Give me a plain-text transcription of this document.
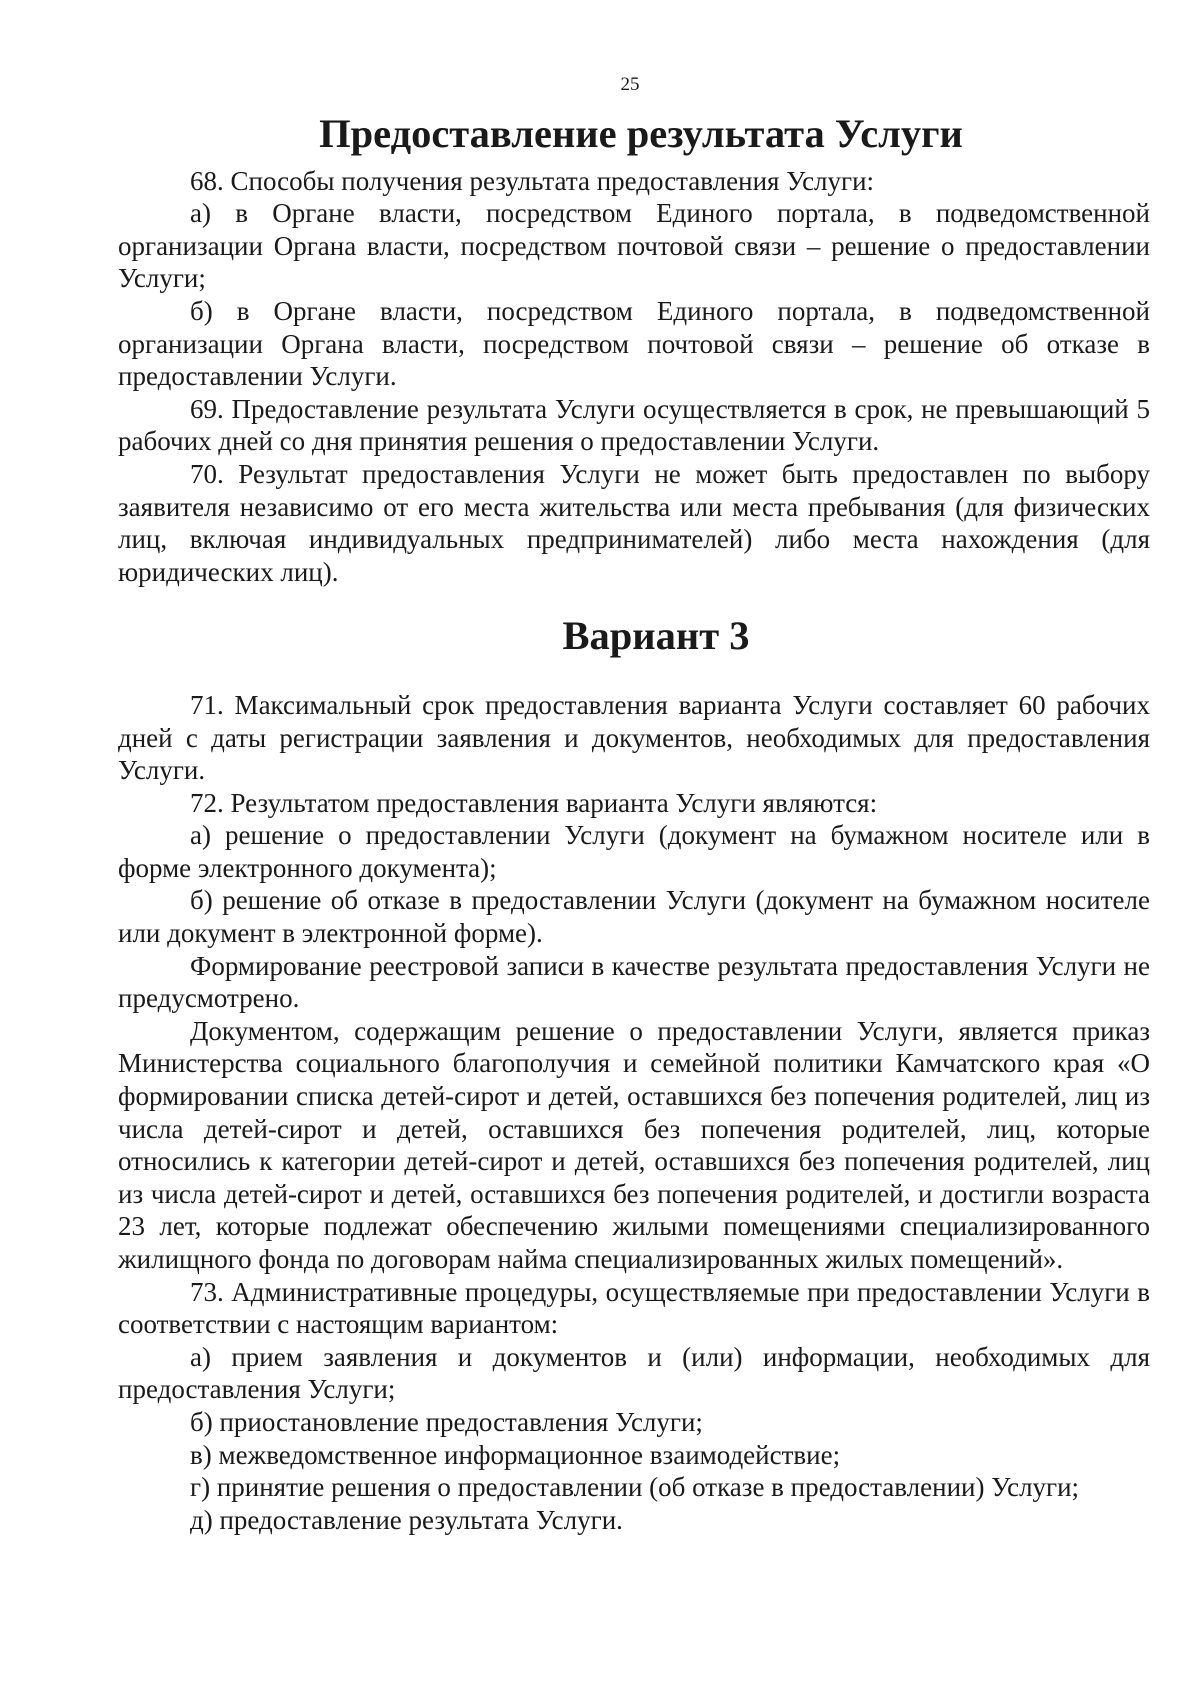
25
Предоставление результата Услуги

68. Способы получения результата предоставления Услуги:

а) в Органе власти, посредством Единого портала, в подведомственной организации Органа власти, посредством почтовой связи – решение о предоставлении Услуги;

б) в Органе власти, посредством Единого портала, в подведомственной организации Органа власти, посредством почтовой связи – решение об отказе в предоставлении Услуги.

69. Предоставление результата Услуги осуществляется в срок, не превышающий 5 рабочих дней со дня принятия решения о предоставлении Услуги.

70. Результат предоставления Услуги не может быть предоставлен по выбору заявителя независимо от его места жительства или места пребывания (для физических лиц, включая индивидуальных предпринимателей) либо места нахождения (для юридических лиц).

Вариант 3

71. Максимальный срок предоставления варианта Услуги составляет 60 рабочих дней с даты регистрации заявления и документов, необходимых для предоставления Услуги.

72. Результатом предоставления варианта Услуги являются:

а) решение о предоставлении Услуги (документ на бумажном носителе или в форме электронного документа);

б) решение об отказе в предоставлении Услуги (документ на бумажном носителе или документ в электронной форме).

Формирование реестровой записи в качестве результата предоставления Услуги не предусмотрено.

Документом, содержащим решение о предоставлении Услуги, является приказ Министерства социального благополучия и семейной политики Камчатского края «О формировании списка детей-сирот и детей, оставшихся без попечения родителей, лиц из числа детей-сирот и детей, оставшихся без попечения родителей, лиц, которые относились к категории детей-сирот и детей, оставшихся без попечения родителей, лиц из числа детей-сирот и детей, оставшихся без попечения родителей, и достигли возраста 23 лет, которые подлежат обеспечению жилыми помещениями специализированного жилищного фонда по договорам найма специализированных жилых помещений».

73. Административные процедуры, осуществляемые при предоставлении Услуги в соответствии с настоящим вариантом:

а) прием заявления и документов и (или) информации, необходимых для предоставления Услуги;

б) приостановление предоставления Услуги;

в) межведомственное информационное взаимодействие;

г) принятие решения о предоставлении (об отказе в предоставлении) Услуги;

д) предоставление результата Услуги.
